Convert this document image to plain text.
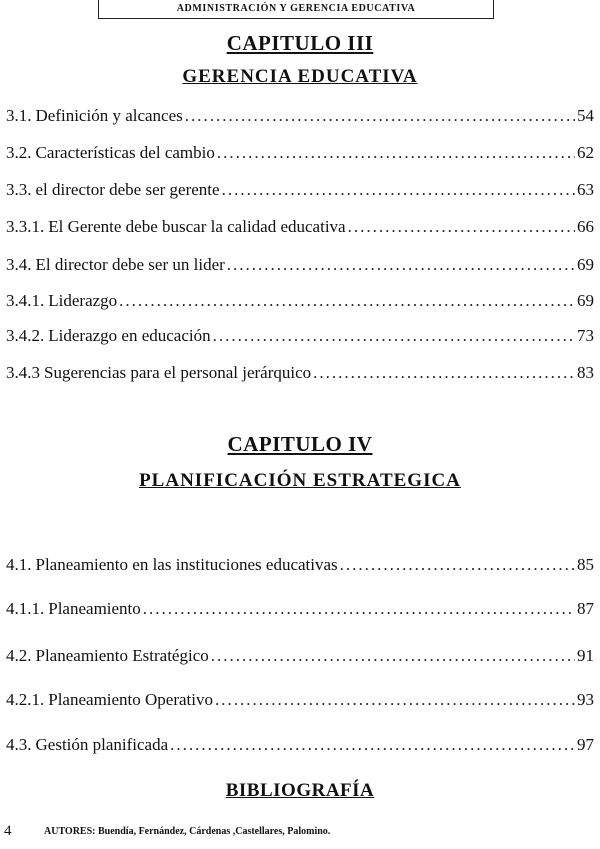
ADMINISTRACIÓN Y GERENCIA EDUCATIVA
CAPITULO III
GERENCIA EDUCATIVA
3.1. Definición y alcances .....	54
3.2. Características del cambio .....	62
3.3. el director debe ser gerente .....	63
3.3.1. El Gerente debe buscar la calidad educativa .....	66
3.4. El director debe ser un lider .....	69
3.4.1. Liderazgo .....	69
3.4.2. Liderazgo en educación .....	73
3.4.3 Sugerencias para el personal jerárquico .....	83
CAPITULO IV
PLANIFICACIÓN ESTRATEGICA
4.1. Planeamiento en las instituciones educativas .....	85
4.1.1. Planeamiento .....	87
4.2. Planeamiento Estratégico .....	91
4.2.1. Planeamiento Operativo .....	93
4.3. Gestión planificada .....	97
BIBLIOGRAFÍA
4	AUTORES: Buendía, Fernández, Cárdenas ,Castellares, Palomino.
